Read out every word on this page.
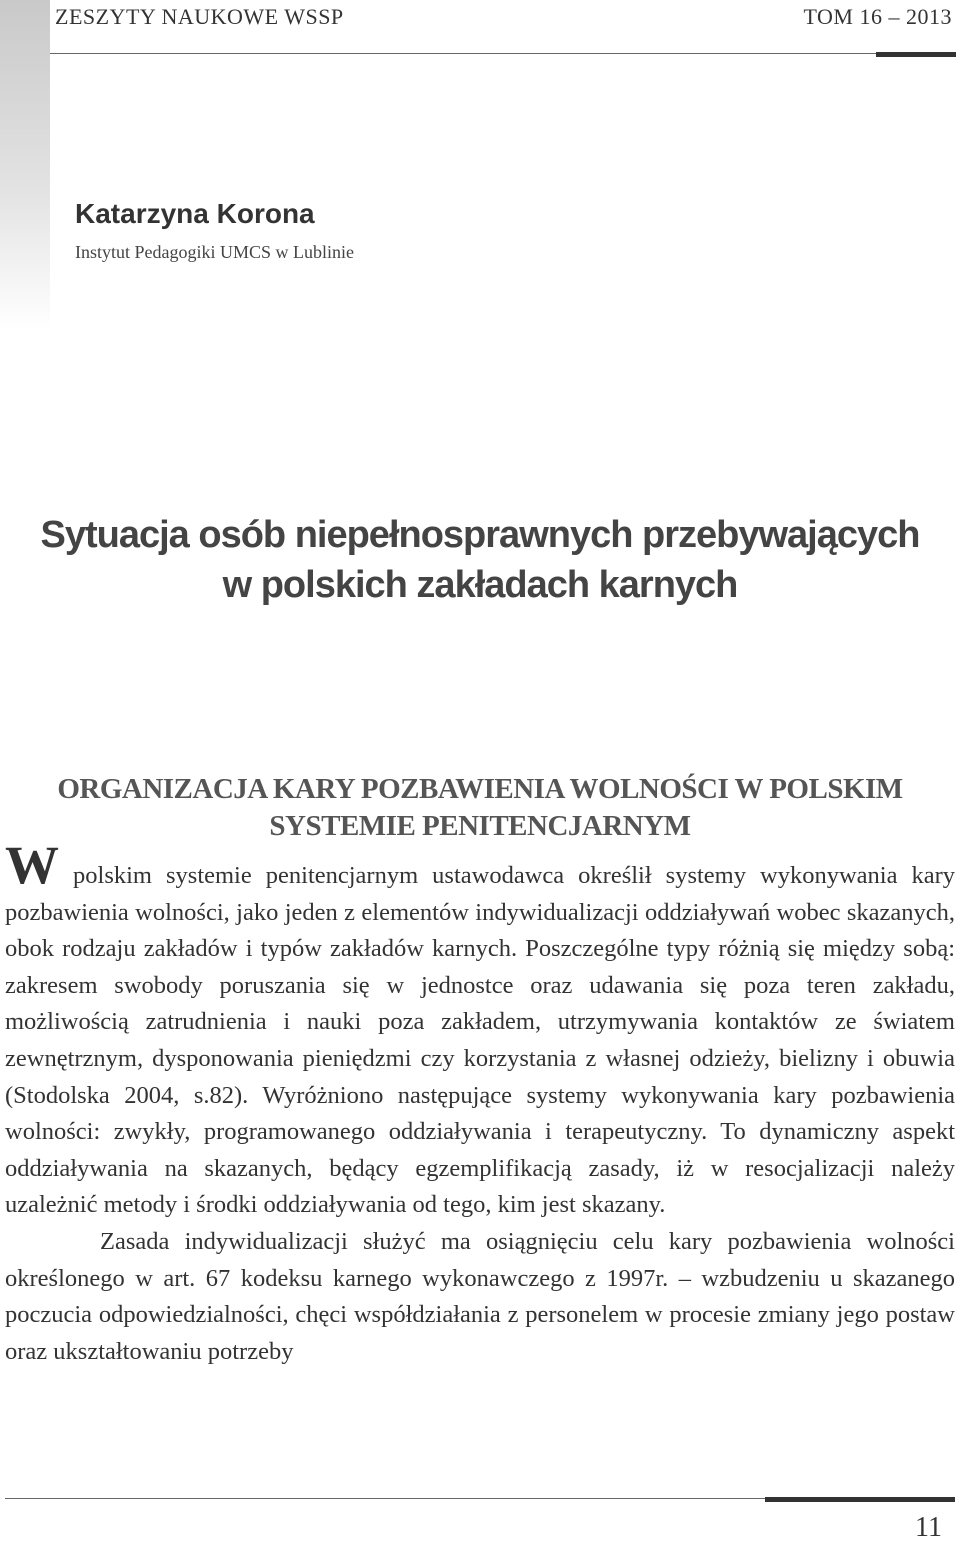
ZESZYTY NAUKOWE WSSP	TOM 16 – 2013
Katarzyna Korona
Instytut Pedagogiki UMCS w Lublinie
Sytuacja osób niepełnosprawnych przebywających
w polskich zakładach karnych
ORGANIZACJA KARY POZBAWIENIA WOLNOŚCI W POLSKIM
SYSTEMIE PENITENCJARNYM

W polskim systemie penitencjarnym ustawodawca określił systemy wykonywania kary pozbawienia wolności, jako jeden z elementów indywidualizacji oddziaływań wobec skazanych, obok rodzaju zakładów i typów zakładów karnych. Poszczególne typy różnią się między sobą: zakresem swobody poruszania się w jednostce oraz udawania się poza teren zakładu, możliwością zatrudnienia i nauki poza zakładem, utrzymywania kontaktów ze światem zewnętrznym, dysponowania pieniędzmi czy korzystania z własnej odzieży, bielizny i obuwia (Stodolska 2004, s.82). Wyróżniono następujące systemy wykonywania kary pozbawienia wolności: zwykły, programowanego oddziaływania i terapeutyczny. To dynamiczny aspekt oddziaływania na skazanych, będący egzemplifikacją zasady, iż w resocjalizacji należy uzależnić metody i środki oddziaływania od tego, kim jest skazany.

Zasada indywidualizacji służyć ma osiągnięciu celu kary pozbawienia wolności określonego w art. 67 kodeksu karnego wykonawczego z 1997r. – wzbudzeniu u skazanego poczucia odpowiedzialności, chęci współdziałania z personelem w procesie zmiany jego postaw oraz ukształtowaniu potrzeby

11
